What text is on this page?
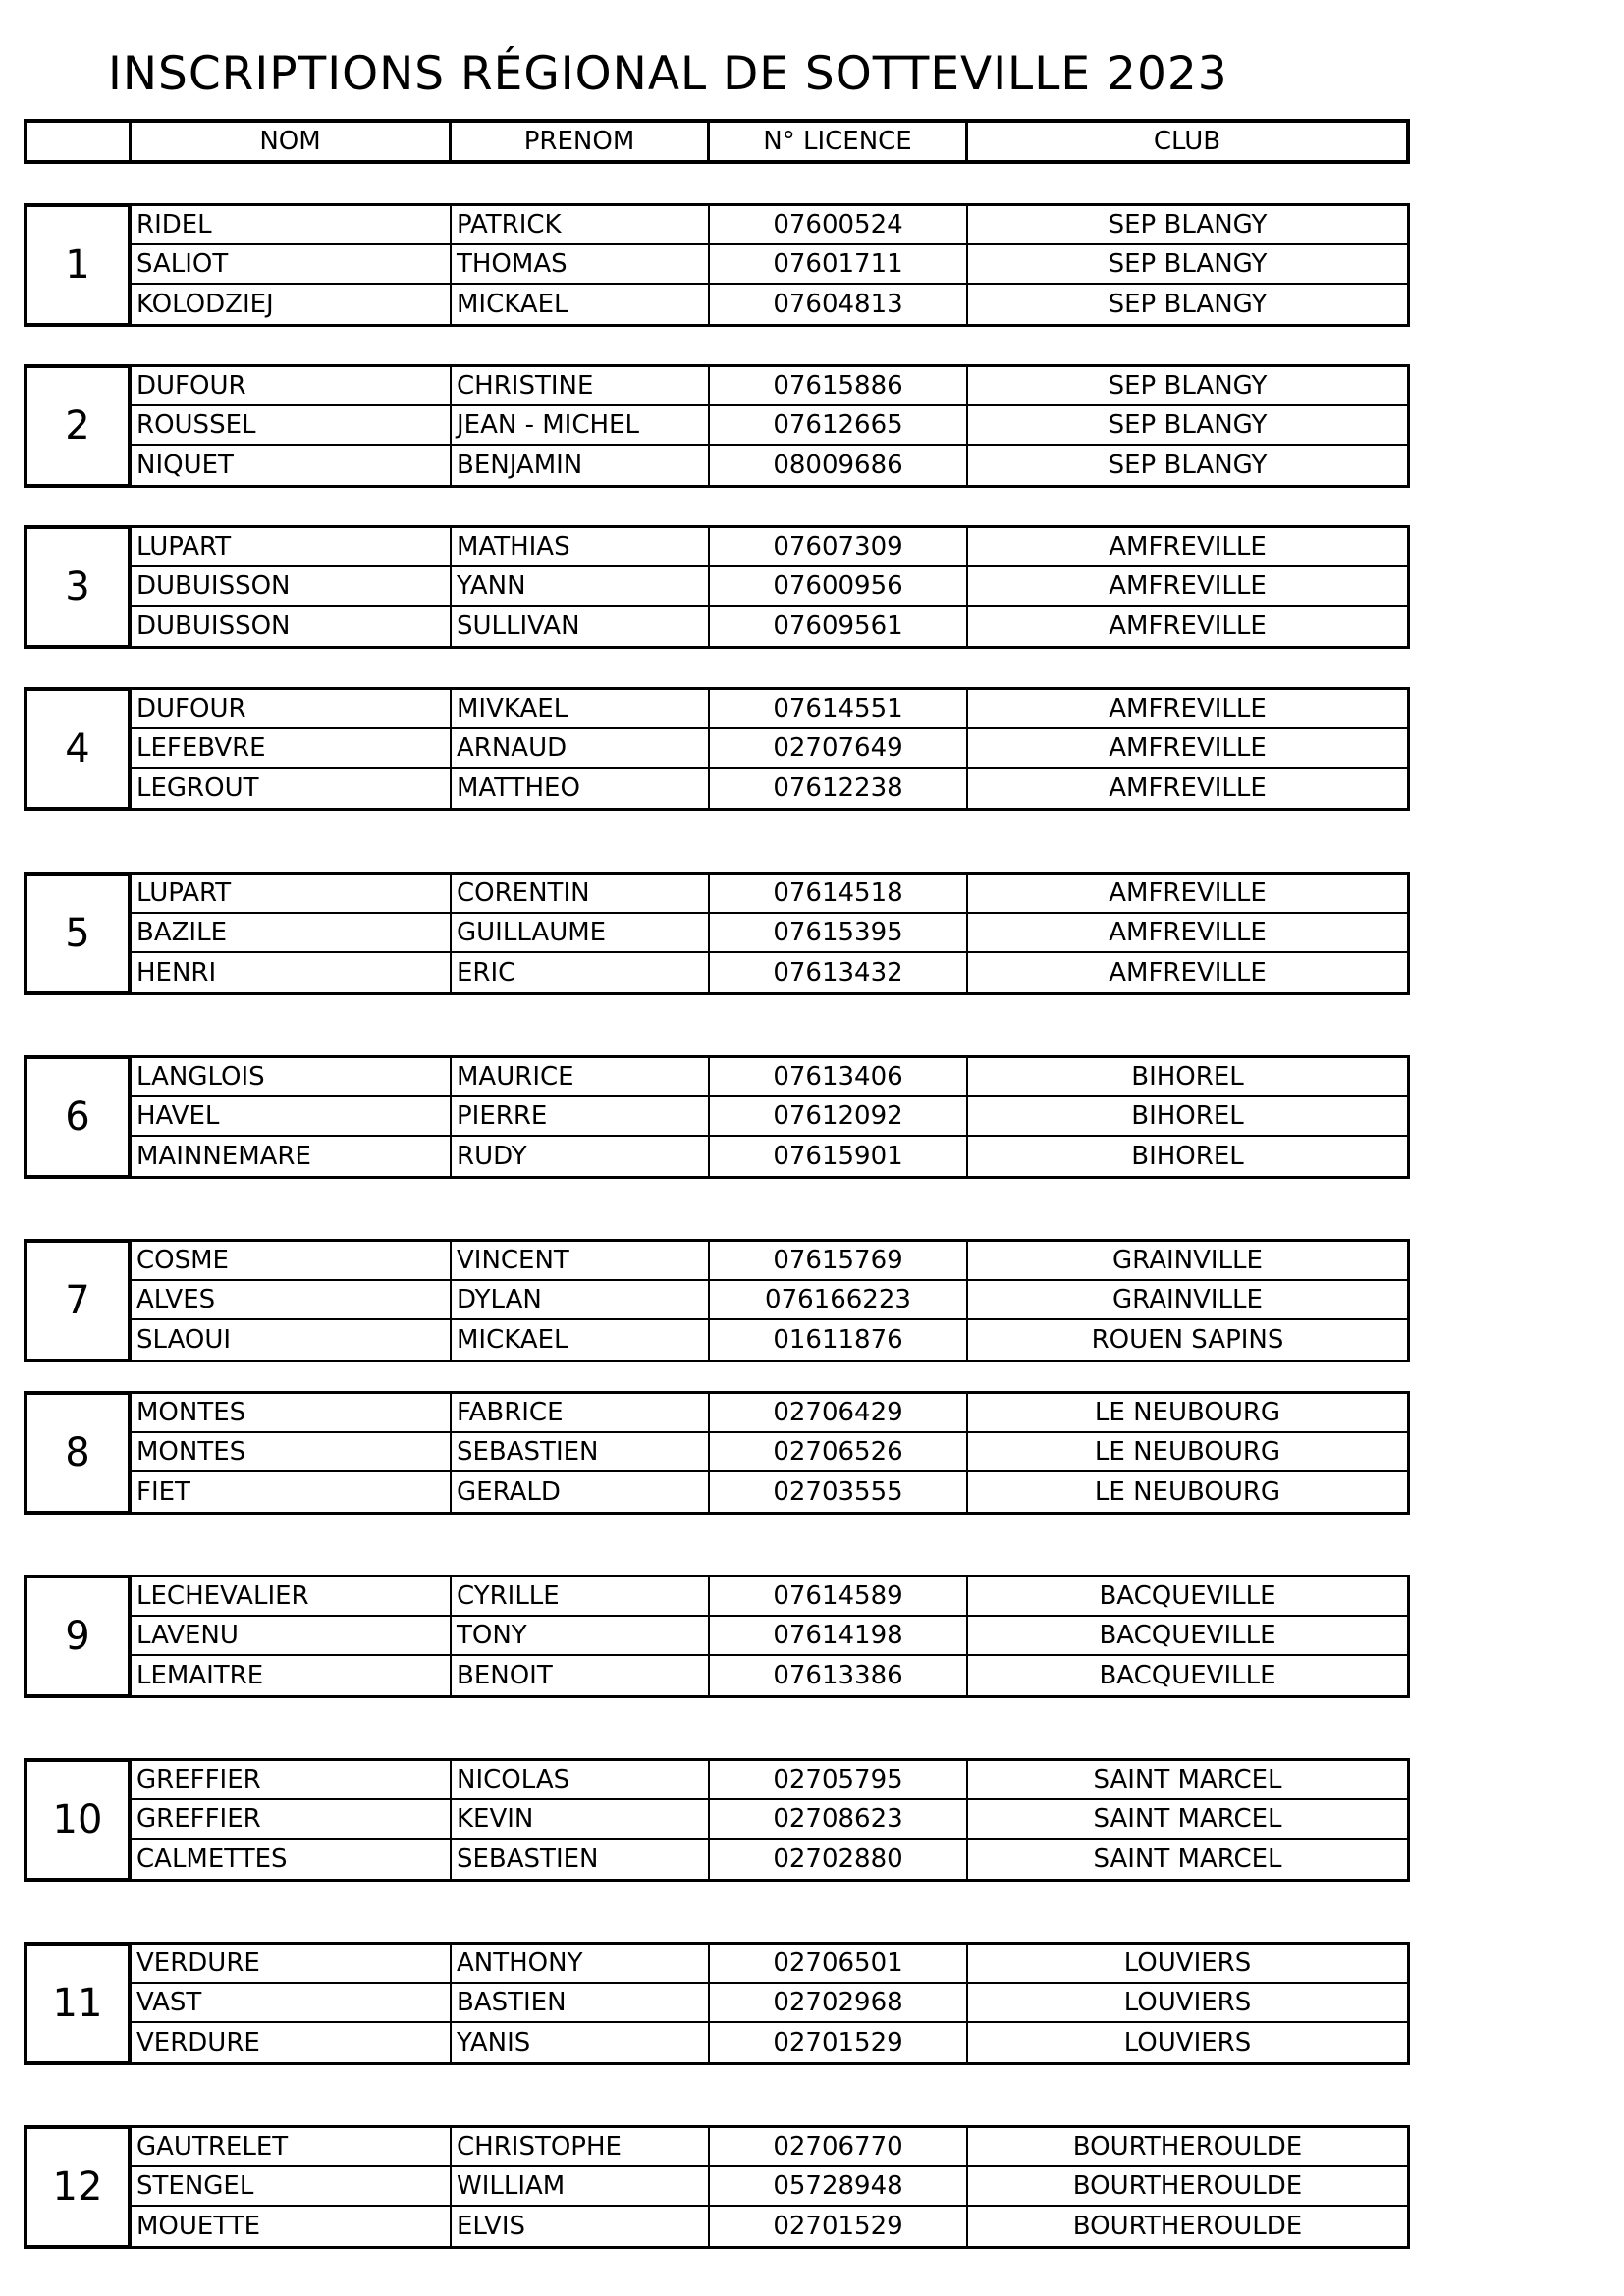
INSCRIPTIONS RÉGIONAL DE SOTTEVILLE 2023
NOM	PRENOM	N° LICENCE	CLUB
1
RIDEL	PATRICK	07600524	SEP BLANGY
SALIOT	THOMAS	07601711	SEP BLANGY
KOLODZIEJ	MICKAEL	07604813	SEP BLANGY
2
DUFOUR	CHRISTINE	07615886	SEP BLANGY
ROUSSEL	JEAN - MICHEL	07612665	SEP BLANGY
NIQUET	BENJAMIN	08009686	SEP BLANGY
3
LUPART	MATHIAS	07607309	AMFREVILLE
DUBUISSON	YANN	07600956	AMFREVILLE
DUBUISSON	SULLIVAN	07609561	AMFREVILLE
4
DUFOUR	MIVKAEL	07614551	AMFREVILLE
LEFEBVRE	ARNAUD	02707649	AMFREVILLE
LEGROUT	MATTHEO	07612238	AMFREVILLE
5
LUPART	CORENTIN	07614518	AMFREVILLE
BAZILE	GUILLAUME	07615395	AMFREVILLE
HENRI	ERIC	07613432	AMFREVILLE
6
LANGLOIS	MAURICE	07613406	BIHOREL
HAVEL	PIERRE	07612092	BIHOREL
MAINNEMARE	RUDY	07615901	BIHOREL
7
COSME	VINCENT	07615769	GRAINVILLE
ALVES	DYLAN	076166223	GRAINVILLE
SLAOUI	MICKAEL	01611876	ROUEN SAPINS
8
MONTES	FABRICE	02706429	LE NEUBOURG
MONTES	SEBASTIEN	02706526	LE NEUBOURG
FIET	GERALD	02703555	LE NEUBOURG
9
LECHEVALIER	CYRILLE	07614589	BACQUEVILLE
LAVENU	TONY	07614198	BACQUEVILLE
LEMAITRE	BENOIT	07613386	BACQUEVILLE
10
GREFFIER	NICOLAS	02705795	SAINT MARCEL
GREFFIER	KEVIN	02708623	SAINT MARCEL
CALMETTES	SEBASTIEN	02702880	SAINT MARCEL
11
VERDURE	ANTHONY	02706501	LOUVIERS
VAST	BASTIEN	02702968	LOUVIERS
VERDURE	YANIS	02701529	LOUVIERS
12
GAUTRELET	CHRISTOPHE	02706770	BOURTHEROULDE
STENGEL	WILLIAM	05728948	BOURTHEROULDE
MOUETTE	ELVIS	02701529	BOURTHEROULDE
